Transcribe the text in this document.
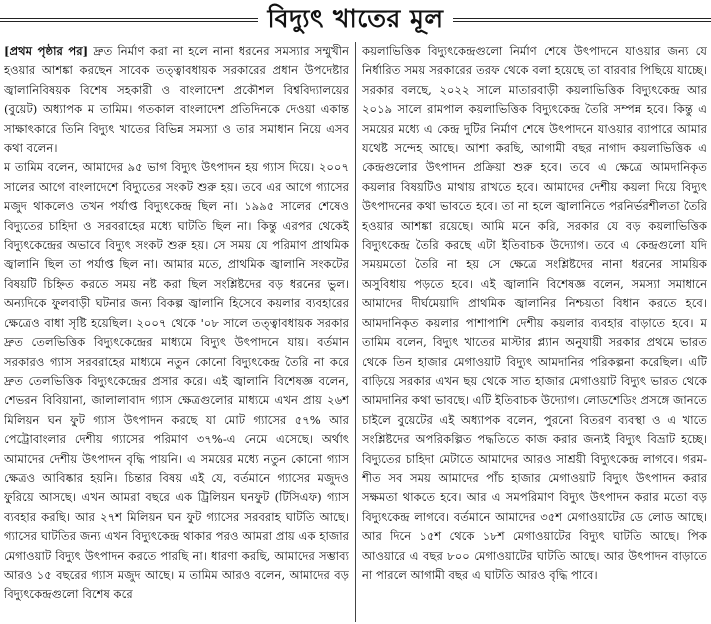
বিদ্যুৎ খাতের মূল

[প্রথম পৃষ্ঠার পর] দ্রুত নির্মাণ করা না হলে নানা ধরনের সমস্যার সম্মুখীন হওয়ার আশঙ্কা করছেন সাবেক তত্ত্বাবধায়ক সরকারের প্রধান উপদেষ্টার জ্বালানিবিষয়ক বিশেষ সহকারী ও বাংলাদেশ প্রকৌশল বিশ্ববিদ্যালয়ের (বুয়েট) অধ্যাপক ম তামিম। গতকাল বাংলাদেশ প্রতিদিনকে দেওয়া একান্ত সাক্ষাৎকারে তিনি বিদ্যুৎ খাতের বিভিন্ন সমস্যা ও তার সমাধান নিয়ে এসব কথা বলেন।

ম তামিম বলেন, আমাদের ৯৫ ভাগ বিদ্যুৎ উৎপাদন হয় গ্যাস দিয়ে। ২০০৭ সালের আগে বাংলাদেশে বিদ্যুতের সংকট শুরু হয়। তবে এর আগে গ্যাসের মজুদ থাকলেও তখন পর্যাপ্ত বিদ্যুৎকেন্দ্র ছিল না। ১৯৯৫ সালের শেষেও বিদ্যুতের চাহিদা ও সরবরাহের মধ্যে ঘাটতি ছিল না। কিন্তু এরপর থেকেই বিদ্যুৎকেন্দ্রের অভাবে বিদ্যুৎ সংকট শুরু হয়। সে সময় যে পরিমাণ প্রাথমিক জ্বালানি ছিল তা পর্যাপ্ত ছিল না। আমার মতে, প্রাথমিক জ্বালানি সংকটের বিষয়টি চিহ্নিত করতে সময় নষ্ট করা ছিল সংশ্লিষ্টদের বড় ধরনের ভুল। অন্যদিকে ফুলবাড়ী ঘটনার জন্য বিকল্প জ্বালানি হিসেবে কয়লার ব্যবহারের ক্ষেত্রেও বাধা সৃষ্টি হয়েছিল। ২০০৭ থেকে '০৮ সালে তত্ত্বাবধায়ক সরকার দ্রুত তেলভিত্তিক বিদ্যুৎকেন্দ্রের মাধ্যমে বিদ্যুৎ উৎপাদনে যায়। বর্তমান সরকারও গ্যাস সরবরাহের মাধ্যমে নতুন কোনো বিদ্যুৎকেন্দ্র তৈরি না করে দ্রুত তেলভিত্তিক বিদ্যুৎকেন্দ্রের প্রসার করে। এই জ্বালানি বিশেষজ্ঞ বলেন, শেভরন বিবিয়ানা, জালালাবাদ গ্যাস ক্ষেত্রগুলোর মাধ্যমে এখন প্রায় ২৬শ মিলিয়ন ঘন ফুট গ্যাস উৎপাদন করছে যা মোট গ্যাসের ৫৭% আর পেট্রোবাংলার দেশীয় গ্যাসের পরিমাণ ৩৭%-এ নেমে এসেছে। অর্থাৎ আমাদের দেশীয় উৎপাদন বৃদ্ধি পায়নি। এ সময়ের মধ্যে নতুন কোনো গ্যাস ক্ষেত্রও আবিষ্কার হয়নি। চিন্তার বিষয় এই যে, বর্তমানে গ্যাসের মজুদও ফুরিয়ে আসছে। এখন আমরা বছরে এক ট্রিলিয়ন ঘনফুট (টিসিএফ) গ্যাস ব্যবহার করছি। আর ২৭শ মিলিয়ন ঘন ফুট গ্যাসের সরবরাহ ঘাটতি আছে। গ্যাসের ঘাটতির জন্য এখন বিদ্যুৎকেন্দ্র থাকার পরও আমরা প্রায় এক হাজার মেগাওয়াট বিদ্যুৎ উৎপাদন করতে পারছি না। ধারণা করছি, আমাদের সম্ভাব্য আরও ১৫ বছরের গ্যাস মজুদ আছে। ম তামিম আরও বলেন, আমাদের বড় বিদ্যুৎকেন্দ্রগুলো বিশেষ করে

কয়লাভিত্তিক বিদ্যুৎকেন্দ্রগুলো নির্মাণ শেষে উৎপাদনে যাওয়ার জন্য যে নির্ধারিত সময় সরকারের তরফ থেকে বলা হয়েছে তা বারবার পিছিয়ে যাচ্ছে। সরকার বলছে, ২০২২ সালে মাতারবাড়ী কয়লাভিত্তিক বিদ্যুৎকেন্দ্র আর ২০১৯ সালে রামপাল কয়লাভিত্তিক বিদ্যুৎকেন্দ্র তৈরি সম্পন্ন হবে। কিন্তু এ সময়ের মধ্যে এ কেন্দ্র দুটির নির্মাণ শেষে উৎপাদনে যাওয়ার ব্যাপারে আমার যথেষ্ট সন্দেহ আছে। আশা করছি, আগামী বছর নাগাদ কয়লাভিত্তিক এ কেন্দ্রগুলোর উৎপাদন প্রক্রিয়া শুরু হবে। তবে এ ক্ষেত্রে আমদানিকৃত কয়লার বিষয়টিও মাথায় রাখতে হবে। আমাদের দেশীয় কয়লা দিয়ে বিদ্যুৎ উৎপাদনের কথা ভাবতে হবে। তা না হলে জ্বালানিতে পরনির্ভরশীলতা তৈরি হওয়ার আশঙ্কা রয়েছে। আমি মনে করি, সরকার যে বড় কয়লাভিত্তিক বিদ্যুৎকেন্দ্র তৈরি করছে এটা ইতিবাচক উদ্যোগ। তবে এ কেন্দ্রগুলো যদি সময়মতো তৈরি না হয় সে ক্ষেত্রে সংশ্লিষ্টদের নানা ধরনের সাময়িক অসুবিধায় পড়তে হবে। এই জ্বালানি বিশেষজ্ঞ বলেন, সমস্যা সমাধানে আমাদের দীর্ঘমেয়াদি প্রাথমিক জ্বালানির নিশ্চয়তা বিধান করতে হবে। আমদানিকৃত কয়লার পাশাপাশি দেশীয় কয়লার ব্যবহার বাড়াতে হবে। ম তামিম বলেন, বিদ্যুৎ খাতের মাস্টার প্ল্যান অনুযায়ী সরকার প্রথমে ভারত থেকে তিন হাজার মেগাওয়াট বিদ্যুৎ আমদানির পরিকল্পনা করেছিল। এটি বাড়িয়ে সরকার এখন ছয় থেকে সাত হাজার মেগাওয়াট বিদ্যুৎ ভারত থেকে আমদানির কথা ভাবছে। এটি ইতিবাচক উদ্যোগ। লোডশেডিং প্রসঙ্গে জানতে চাইলে বুয়েটের এই অধ্যাপক বলেন, পুরনো বিতরণ ব্যবস্থা ও এ খাতে সংশ্লিষ্টদের অপরিকল্পিত পদ্ধতিতে কাজ করার জন্যই বিদ্যুৎ বিভ্রাট হচ্ছে। বিদ্যুতের চাহিদা মেটাতে আমাদের আরও সাশ্রয়ী বিদ্যুৎকেন্দ্র লাগবে। গরম-শীত সব সময় আমাদের পাঁচ হাজার মেগাওয়াট বিদ্যুৎ উৎপাদন করার সক্ষমতা থাকতে হবে। আর এ সমপরিমাণ বিদ্যুৎ উৎপাদন করার মতো বড় বিদ্যুৎকেন্দ্র লাগবে। বর্তমানে আমাদের ৩৫শ মেগাওয়াটের ডে লোড আছে। আর দিনে ১৫শ থেকে ১৮শ মেগাওয়াটের বিদ্যুৎ ঘাটতি আছে। পিক আওয়ারে এ বছর ৮০০ মেগাওয়াটের ঘাটতি আছে। আর উৎপাদন বাড়াতে না পারলে আগামী বছর এ ঘাটতি আরও বৃদ্ধি পাবে।
